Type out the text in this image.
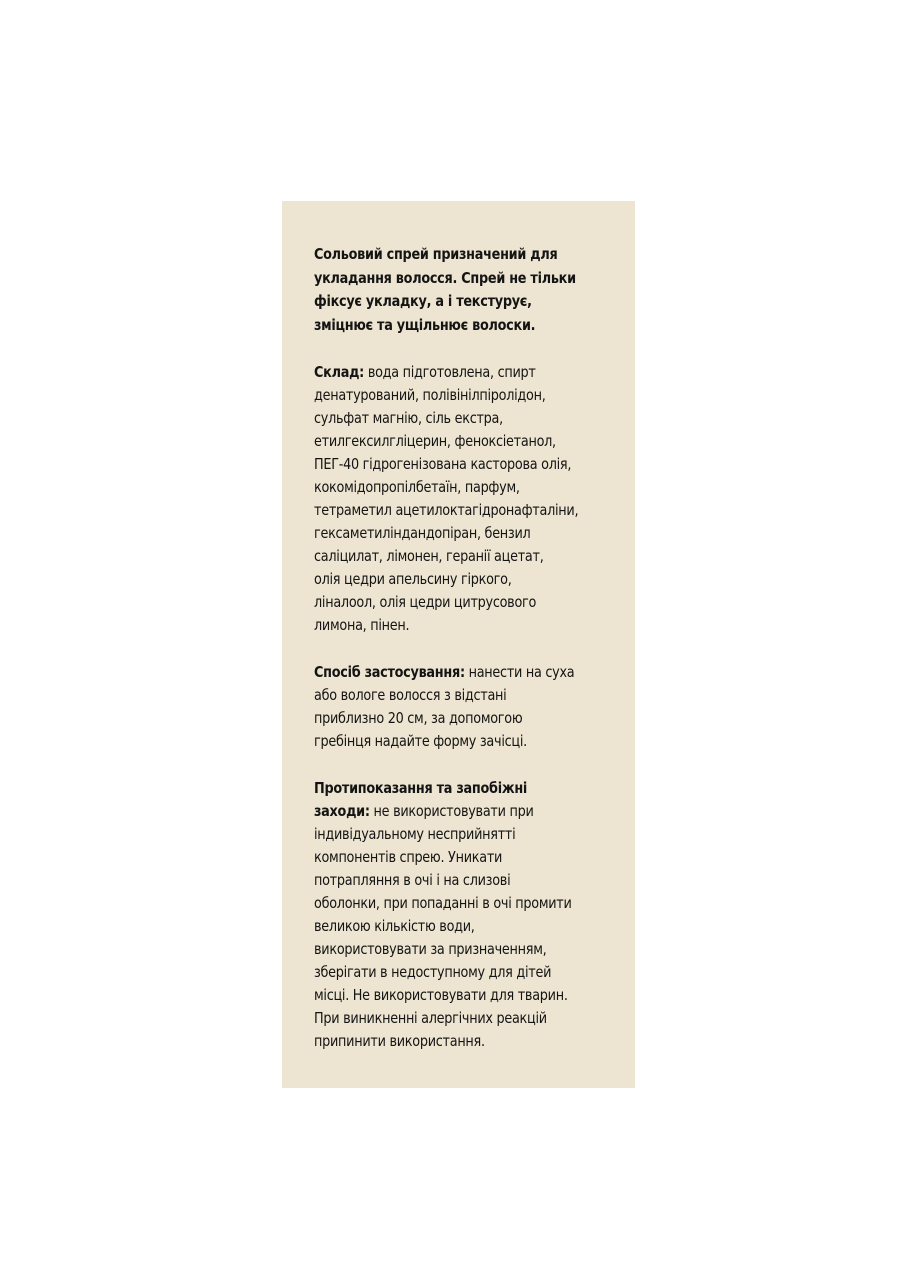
Сольовий спрей призначений для
укладання волосся. Спрей не тільки
фіксує укладку, а і текстурує,
зміцнює та ущільнює волоски.
Склад: вода підготовлена, спирт
денатурований, полівінілпіролідон,
сульфат магнію, сіль екстра,
етилгексилгліцерин, феноксіетанол,
ПЕГ-40 гідрогенізована касторова олія,
кокомідопропілбетаїн, парфум,
тетраметил ацетилоктагідронафталіни,
гексаметиліндандопіран, бензил
саліцилат, лімонен, геранії ацетат,
олія цедри апельсину гіркого,
ліналоол, олія цедри цитрусового
лимона, пінен.
Спосіб застосування: нанести на суха
або вологе волосся з відстані
приблизно 20 см, за допомогою
гребінця надайте форму зачісці.
Протипоказання та запобіжні
заходи: не використовувати при
індивідуальному несприйнятті
компонентів спрею. Уникати
потрапляння в очі і на слизові
оболонки, при попаданні в очі промити
великою кількістю води,
використовувати за призначенням,
зберігати в недоступному для дітей
місці. Не використовувати для тварин.
При виникненні алергічних реакцій
припинити використання.
